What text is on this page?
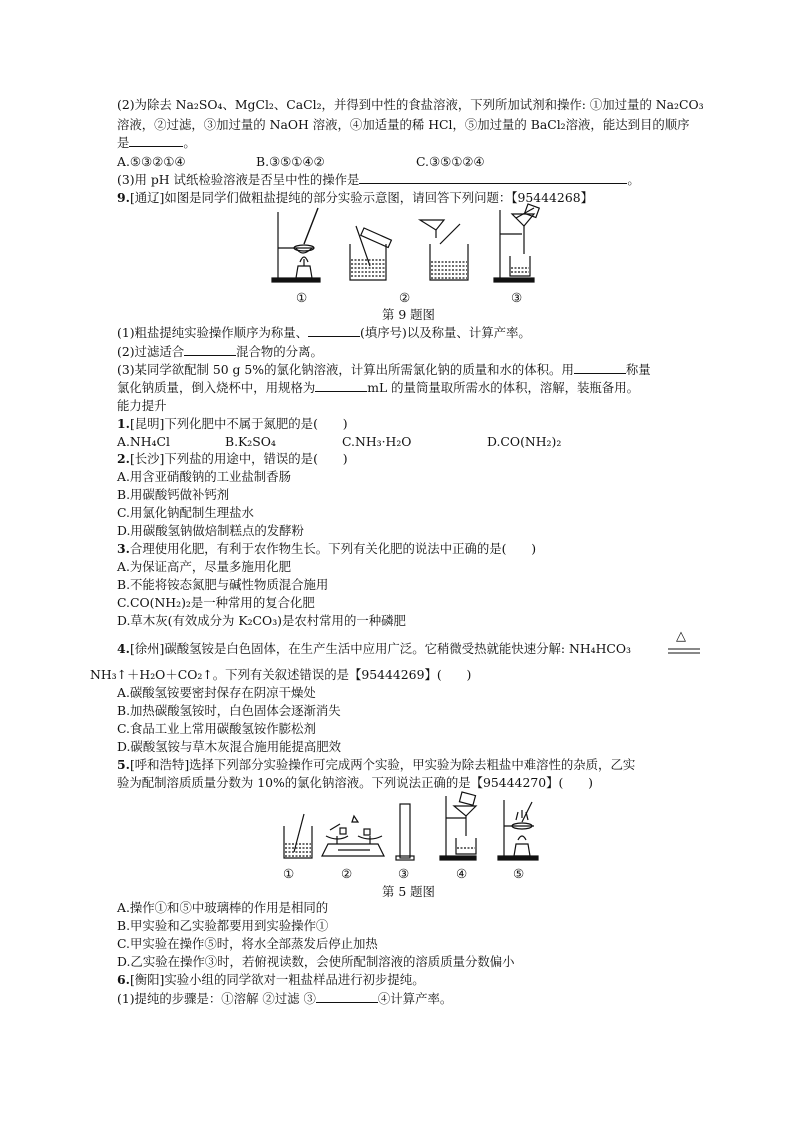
(2)为除去 Na₂SO₄、MgCl₂、CaCl₂，并得到中性的食盐溶液，下列所加试剂和操作: ①加过量的 Na₂CO₃
溶液，②过滤，③加过量的 NaOH 溶液，④加适量的稀 HCl，⑤加过量的 BaCl₂溶液，能达到目的顺序
是	。
A.⑤③②①④	B.③⑤①④②	C.③⑤①②④
(3)用 pH 试纸检验溶液是否呈中性的操作是	。
9.[通辽]如图是同学们做粗盐提纯的部分实验示意图，请回答下列问题：【95444268】
①	②	③
第 9 题图
(1)粗盐提纯实验操作顺序为称量、	(填序号)以及称量、计算产率。
(2)过滤适合	混合物的分离。
(3)某同学欲配制 50 g 5%的氯化钠溶液，计算出所需氯化钠的质量和水的体积。用	称量
氯化钠质量，倒入烧杯中，用规格为	mL 的量筒量取所需水的体积，溶解，装瓶备用。
能力提升
1.[昆明]下列化肥中不属于氮肥的是(　　)
A.NH₄Cl	B.K₂SO₄	C.NH₃·H₂O	D.CO(NH₂)₂
2.[长沙]下列盐的用途中，错误的是(　　)
A.用含亚硝酸钠的工业盐制香肠
B.用碳酸钙做补钙剂
C.用氯化钠配制生理盐水
D.用碳酸氢钠做焙制糕点的发酵粉
3.合理使用化肥，有利于农作物生长。下列有关化肥的说法中正确的是(　　)
A.为保证高产，尽量多施用化肥
B.不能将铵态氮肥与碱性物质混合施用
C.CO(NH₂)₂是一种常用的复合化肥
D.草木灰(有效成分为 K₂CO₃)是农村常用的一种磷肥
4.[徐州]碳酸氢铵是白色固体，在生产生活中应用广泛。它稍微受热就能快速分解: NH₄HCO₃
△
NH₃↑＋H₂O＋CO₂↑。下列有关叙述错误的是【95444269】(　　)
A.碳酸氢铵要密封保存在阴凉干燥处
B.加热碳酸氢铵时，白色固体会逐渐消失
C.食品工业上常用碳酸氢铵作膨松剂
D.碳酸氢铵与草木灰混合施用能提高肥效
5.[呼和浩特]选择下列部分实验操作可完成两个实验，甲实验为除去粗盐中难溶性的杂质，乙实
验为配制溶质质量分数为 10%的氯化钠溶液。下列说法正确的是【95444270】(　　)
①	②	③	④	⑤
第 5 题图
A.操作①和⑤中玻璃棒的作用是相同的
B.甲实验和乙实验都要用到实验操作①
C.甲实验在操作⑤时，将水全部蒸发后停止加热
D.乙实验在操作③时，若俯视读数，会使所配制溶液的溶质质量分数偏小
6.[衡阳]实验小组的同学欲对一粗盐样品进行初步提纯。
(1)提纯的步骤是：①溶解 ②过滤 ③	④计算产率。
